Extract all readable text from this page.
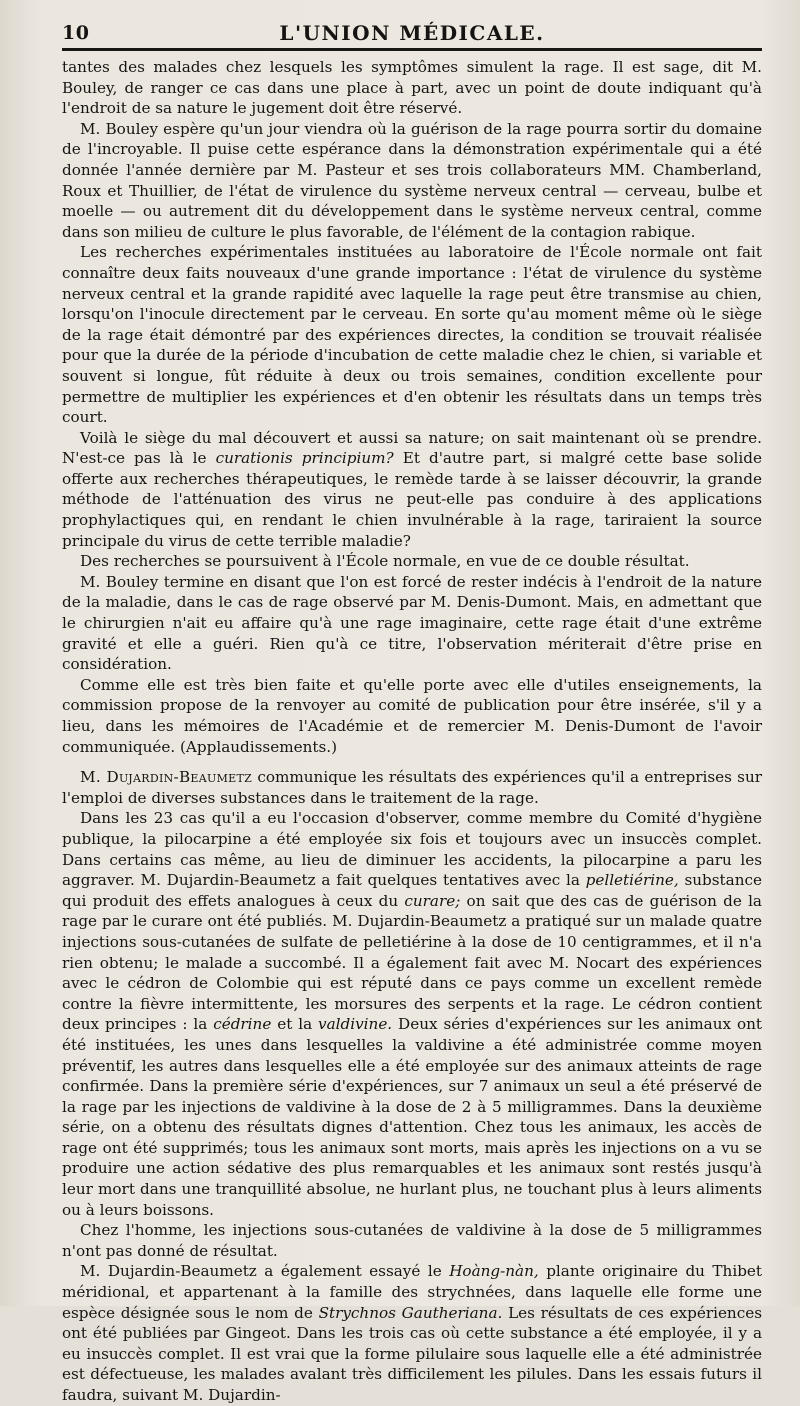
10	L'UNION MÉDICALE.

tantes des malades chez lesquels les symptômes simulent la rage. Il est sage, dit M. Bouley, de ranger ce cas dans une place à part, avec un point de doute indiquant qu'à l'endroit de sa nature le jugement doit être réservé.

M. Bouley espère qu'un jour viendra où la guérison de la rage pourra sortir du domaine de l'incroyable. Il puise cette espérance dans la démonstration expérimentale qui a été donnée l'année dernière par M. Pasteur et ses trois collaborateurs MM. Chamberland, Roux et Thuillier, de l'état de virulence du système nerveux central — cerveau, bulbe et moelle — ou autrement dit du développement dans le système nerveux central, comme dans son milieu de culture le plus favorable, de l'élément de la contagion rabique.

Les recherches expérimentales instituées au laboratoire de l'École normale ont fait connaître deux faits nouveaux d'une grande importance : l'état de virulence du système nerveux central et la grande rapidité avec laquelle la rage peut être transmise au chien, lorsqu'on l'inocule directement par le cerveau. En sorte qu'au moment même où le siège de la rage était démontré par des expériences directes, la condition se trouvait réalisée pour que la durée de la période d'incubation de cette maladie chez le chien, si variable et souvent si longue, fût réduite à deux ou trois semaines, condition excellente pour permettre de multiplier les expériences et d'en obtenir les résultats dans un temps très court.

Voilà le siège du mal découvert et aussi sa nature; on sait maintenant où se prendre. N'est-ce pas là le curationis principium? Et d'autre part, si malgré cette base solide offerte aux recherches thérapeutiques, le remède tarde à se laisser découvrir, la grande méthode de l'atténuation des virus ne peut-elle pas conduire à des applications prophylactiques qui, en rendant le chien invulnérable à la rage, tariraient la source principale du virus de cette terrible maladie?

Des recherches se poursuivent à l'École normale, en vue de ce double résultat.

M. Bouley termine en disant que l'on est forcé de rester indécis à l'endroit de la nature de la maladie, dans le cas de rage observé par M. Denis-Dumont. Mais, en admettant que le chirurgien n'ait eu affaire qu'à une rage imaginaire, cette rage était d'une extrême gravité et elle a guéri. Rien qu'à ce titre, l'observation mériterait d'être prise en considération.

Comme elle est très bien faite et qu'elle porte avec elle d'utiles enseignements, la commission propose de la renvoyer au comité de publication pour être insérée, s'il y a lieu, dans les mémoires de l'Académie et de remercier M. Denis-Dumont de l'avoir communiquée. (Applaudissements.)

M. Dujardin-Beaumetz communique les résultats des expériences qu'il a entreprises sur l'emploi de diverses substances dans le traitement de la rage.

Dans les 23 cas qu'il a eu l'occasion d'observer, comme membre du Comité d'hygiène publique, la pilocarpine a été employée six fois et toujours avec un insuccès complet. Dans certains cas même, au lieu de diminuer les accidents, la pilocarpine a paru les aggraver. M. Dujardin-Beaumetz a fait quelques tentatives avec la pelletiérine, substance qui produit des effets analogues à ceux du curare; on sait que des cas de guérison de la rage par le curare ont été publiés. M. Dujardin-Beaumetz a pratiqué sur un malade quatre injections sous-cutanées de sulfate de pelletiérine à la dose de 10 centigrammes, et il n'a rien obtenu; le malade a succombé. Il a également fait avec M. Nocart des expériences avec le cédron de Colombie qui est réputé dans ce pays comme un excellent remède contre la fièvre intermittente, les morsures des serpents et la rage. Le cédron contient deux principes : la cédrine et la valdivine. Deux séries d'expériences sur les animaux ont été instituées, les unes dans lesquelles la valdivine a été administrée comme moyen préventif, les autres dans lesquelles elle a été employée sur des animaux atteints de rage confirmée. Dans la première série d'expériences, sur 7 animaux un seul a été préservé de la rage par les injections de valdivine à la dose de 2 à 5 milligrammes. Dans la deuxième série, on a obtenu des résultats dignes d'attention. Chez tous les animaux, les accès de rage ont été supprimés; tous les animaux sont morts, mais après les injections on a vu se produire une action sédative des plus remarquables et les animaux sont restés jusqu'à leur mort dans une tranquillité absolue, ne hurlant plus, ne touchant plus à leurs aliments ou à leurs boissons.

Chez l'homme, les injections sous-cutanées de valdivine à la dose de 5 milligrammes n'ont pas donné de résultat.

M. Dujardin-Beaumetz a également essayé le Hoàng-nàn, plante originaire du Thibet méridional, et appartenant à la famille des strychnées, dans laquelle elle forme une espèce désignée sous le nom de Strychnos Gautheriana. Les résultats de ces expériences ont été publiées par Gingeot. Dans les trois cas où cette substance a été employée, il y a eu insuccès complet. Il est vrai que la forme pilulaire sous laquelle elle a été administrée est défectueuse, les malades avalant très difficilement les pilules. Dans les essais futurs il faudra, suivant M. Dujardin-
